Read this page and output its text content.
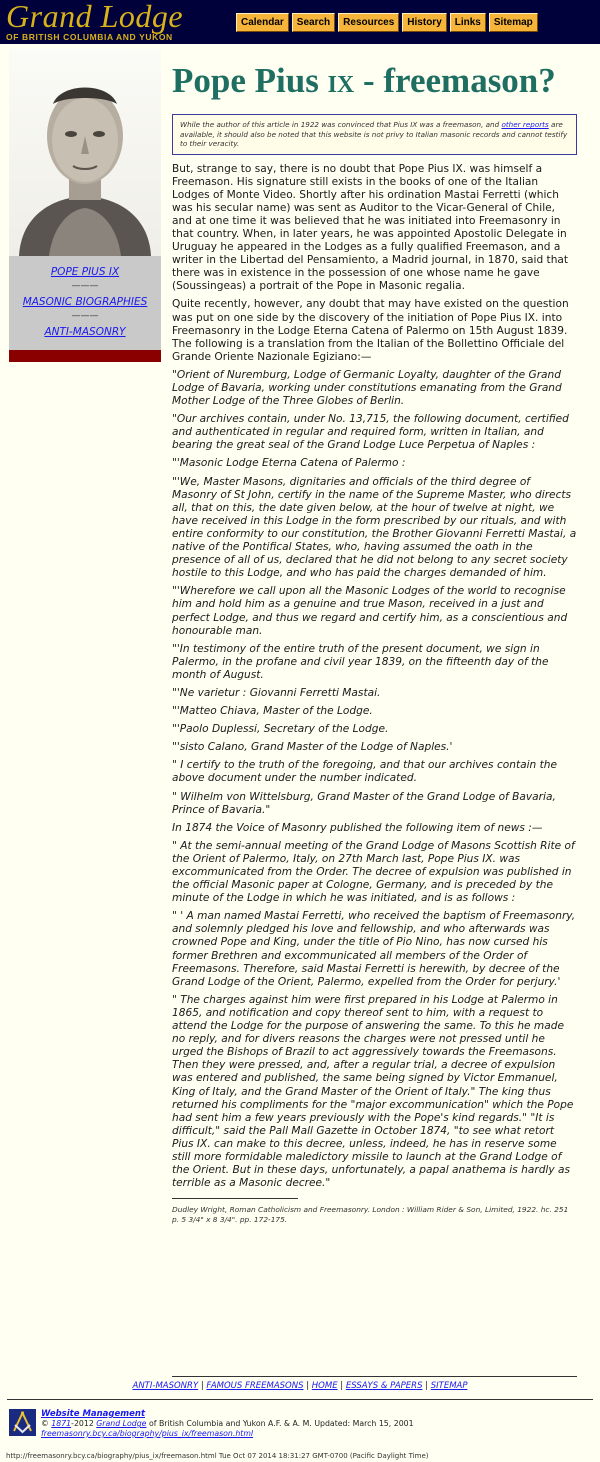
Grand Lodge
OF BRITISH COLUMBIA AND YUKON
Calendar	Search	Resources	History	Links	Sitemap
POPE PIUS IX
———
MASONIC BIOGRAPHIES
———
ANTI-MASONRY
Pope Pius IX - freemason?
While the author of this article in 1922 was convinced that Pius IX was a freemason, and other reports are available, it should also be noted that this website is not privy to Italian masonic records and cannot testify to their veracity.

But, strange to say, there is no doubt that Pope Pius IX. was himself a Freemason. His signature still exists in the books of one of the Italian Lodges of Monte Video. Shortly after his ordination Mastai Ferretti (which was his secular name) was sent as Auditor to the Vicar-General of Chile, and at one time it was believed that he was initiated into Freemasonry in that country. When, in later years, he was appointed Apostolic Delegate in Uruguay he appeared in the Lodges as a fully qualified Freemason, and a writer in the Libertad del Pensamiento, a Madrid journal, in 1870, said that there was in existence in the possession of one whose name he gave (Soussingeas) a portrait of the Pope in Masonic regalia.

Quite recently, however, any doubt that may have existed on the question was put on one side by the discovery of the initiation of Pope Pius IX. into Freemasonry in the Lodge Eterna Catena of Palermo on 15th August 1839. The following is a translation from the Italian of the Bollettino Officiale del Grande Oriente Nazionale Egiziano:—

"Orient of Nuremburg, Lodge of Germanic Loyalty, daughter of the Grand Lodge of Bavaria, working under constitutions emanating from the Grand Mother Lodge of the Three Globes of Berlin.

"Our archives contain, under No. 13,715, the following document, certified and authenticated in regular and required form, written in Italian, and bearing the great seal of the Grand Lodge Luce Perpetua of Naples :

"'Masonic Lodge Eterna Catena of Palermo :

"'We, Master Masons, dignitaries and officials of the third degree of Masonry of St John, certify in the name of the Supreme Master, who directs all, that on this, the date given below, at the hour of twelve at night, we have received in this Lodge in the form prescribed by our rituals, and with entire conformity to our constitution, the Brother Giovanni Ferretti Mastai, a native of the Pontifical States, who, having assumed the oath in the presence of all of us, declared that he did not belong to any secret society hostile to this Lodge, and who has paid the charges demanded of him.

"'Wherefore we call upon all the Masonic Lodges of the world to recognise him and hold him as a genuine and true Mason, received in a just and perfect Lodge, and thus we regard and certify him, as a conscientious and honourable man.

"'In testimony of the entire truth of the present document, we sign in Palermo, in the profane and civil year 1839, on the fifteenth day of the month of August.

"'Ne varietur : Giovanni Ferretti Mastai.

"'Matteo Chiava, Master of the Lodge.

"'Paolo Duplessi, Secretary of the Lodge.

"'sisto Calano, Grand Master of the Lodge of Naples.'

" I certify to the truth of the foregoing, and that our archives contain the above document under the number indicated.

" Wilhelm von Wittelsburg, Grand Master of the Grand Lodge of Bavaria, Prince of Bavaria."

In 1874 the Voice of Masonry published the following item of news :—

" At the semi-annual meeting of the Grand Lodge of Masons Scottish Rite of the Orient of Palermo, Italy, on 27th March last, Pope Pius IX. was excommunicated from the Order. The decree of expulsion was published in the official Masonic paper at Cologne, Germany, and is preceded by the minute of the Lodge in which he was initiated, and is as follows :

" ' A man named Mastai Ferretti, who received the baptism of Freemasonry, and solemnly pledged his love and fellowship, and who afterwards was crowned Pope and King, under the title of Pio Nino, has now cursed his former Brethren and excommunicated all members of the Order of Freemasons. Therefore, said Mastai Ferretti is herewith, by decree of the Grand Lodge of the Orient, Palermo, expelled from the Order for perjury.'

" The charges against him were first prepared in his Lodge at Palermo in 1865, and notification and copy thereof sent to him, with a request to attend the Lodge for the purpose of answering the same. To this he made no reply, and for divers reasons the charges were not pressed until he urged the Bishops of Brazil to act aggressively towards the Freemasons. Then they were pressed, and, after a regular trial, a decree of expulsion was entered and published, the same being signed by Victor Emmanuel, King of Italy, and the Grand Master of the Orient of Italy." The king thus returned his compliments for the "major excommunication" which the Pope had sent him a few years previously with the Pope's kind regards." "It is difficult," said the Pall Mall Gazette in October 1874, "to see what retort Pius IX. can make to this decree, unless, indeed, he has in reserve some still more formidable maledictory missile to launch at the Grand Lodge of the Orient. But in these days, unfortunately, a papal anathema is hardly as terrible as a Masonic decree."

Dudley Wright, Roman Catholicism and Freemasonry. London : William Rider & Son, Limited, 1922. hc. 251 p. 5 3/4" x 8 3/4". pp. 172-175.
ANTI-MASONRY | FAMOUS FREEMASONS | HOME | ESSAYS & PAPERS | SITEMAP
Website Management
© 1871-2012 Grand Lodge of British Columbia and Yukon A.F. & A. M. Updated: March 15, 2001
freemasonry.bcy.ca/biography/pius_ix/freemason.html
http://freemasonry.bcy.ca/biography/pius_ix/freemason.html Tue Oct 07 2014 18:31:27 GMT-0700 (Pacific Daylight Time)
